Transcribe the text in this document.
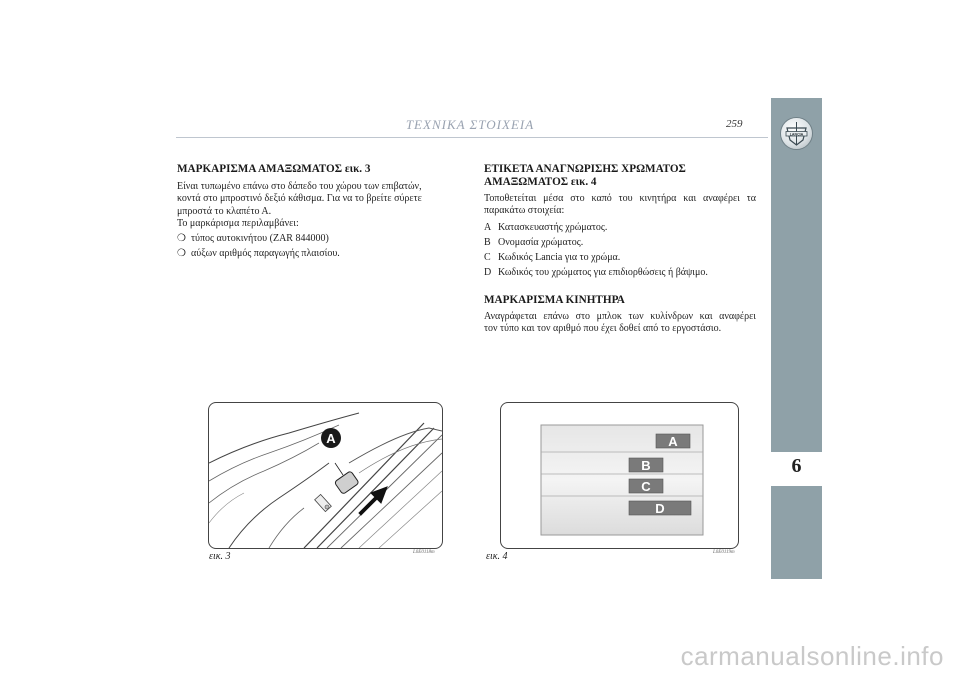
ΤΕΧΝΙΚΑ ΣΤΟΙΧΕΙΑ	259
LANCIA
6
ΜΑΡΚΑΡΙΣΜΑ ΑΜΑΞΩΜΑΤΟΣ εικ. 3

Είναι τυπωμένο επάνω στο δάπεδο του χώρου των επιβατών,

κοντά στο μπροστινό δεξιό κάθισμα. Για να το βρείτε σύρετε

μπροστά το κλαπέτο Α.

Το μαρκάρισμα περιλαμβάνει:

❍ τύπος αυτοκινήτου (ZAR 844000)
❍ αύξων αριθμός παραγωγής πλαισίου.
ΕΤΙΚΕΤΑ ΑΝΑΓΝΩΡΙΣΗΣ ΧΡΩΜΑΤΟΣ
ΑΜΑΞΩΜΑΤΟΣ εικ. 4

Τοποθετείται μέσα στο καπό του κινητήρα και αναφέρει τα

παρακάτω στοιχεία:

A Κατασκευαστής χρώματος.
B Ονομασία χρώματος.
C Κωδικός Lancia για το χρώμα.
D Κωδικός του χρώματος για επιδιορθώσεις ή βάψιμο.
ΜΑΡΚΑΡΙΣΜΑ ΚΙΝΗΤΗΡΑ

Αναγράφεται επάνω στο μπλοκ των κυλίνδρων και αναφέρει

τον τύπο και τον αριθμό που έχει δοθεί από το εργοστάσιο.

A
εικ. 3	L0E0118m
A
B
C
D
εικ. 4	L0E0119m
carmanualsonline.info
